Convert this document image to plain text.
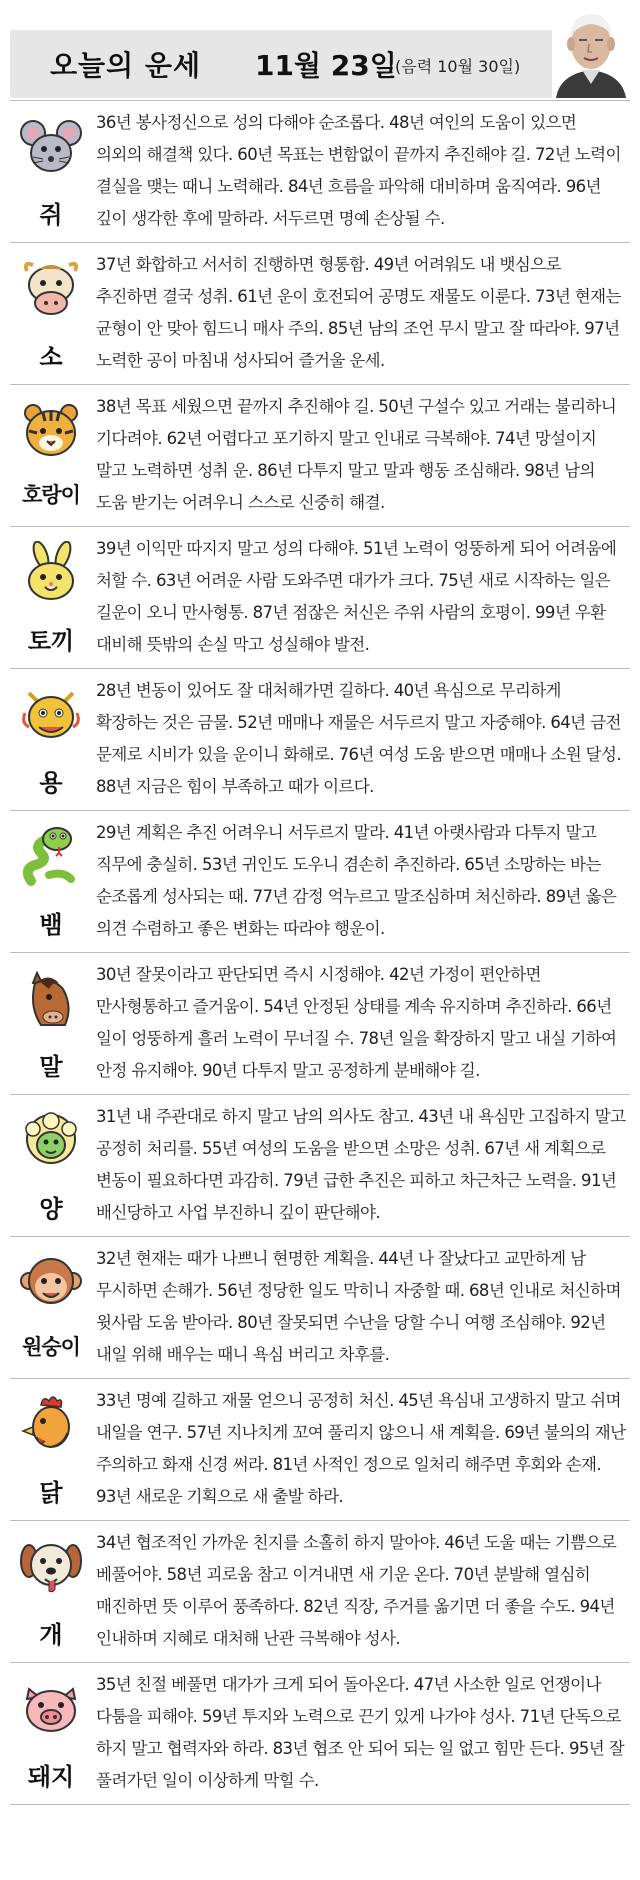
오늘의 운세 11월 23일
(음력 10월 30일)
쥐
36년 봉사정신으로 성의 다해야 순조롭다. 48년 여인의 도움이 있으면 의외의 해결책 있다. 60년 목표는 변함없이 끝까지 추진해야 길. 72년 노력이 결실을 맺는 때니 노력해라. 84년 흐름을 파악해 대비하며 움직여라. 96년 깊이 생각한 후에 말하라. 서두르면 명예 손상될 수.
소
37년 화합하고 서서히 진행하면 형통함. 49년 어려워도 내 뱃심으로 추진하면 결국 성취. 61년 운이 호전되어 공명도 재물도 이룬다. 73년 현재는 균형이 안 맞아 힘드니 매사 주의. 85년 남의 조언 무시 말고 잘 따라야. 97년 노력한 공이 마침내 성사되어 즐거울 운세.
호랑이
38년 목표 세웠으면 끝까지 추진해야 길. 50년 구설수 있고 거래는 불리하니 기다려야. 62년 어렵다고 포기하지 말고 인내로 극복해야. 74년 망설이지 말고 노력하면 성취 운. 86년 다투지 말고 말과 행동 조심해라. 98년 남의 도움 받기는 어려우니 스스로 신중히 해결.
토끼
39년 이익만 따지지 말고 성의 다해야. 51년 노력이 엉뚱하게 되어 어려움에 처할 수. 63년 어려운 사람 도와주면 대가가 크다. 75년 새로 시작하는 일은 길운이 오니 만사형통. 87년 점잖은 처신은 주위 사람의 호평이. 99년 우환 대비해 뜻밖의 손실 막고 성실해야 발전.
용
28년 변동이 있어도 잘 대처해가면 길하다. 40년 욕심으로 무리하게 확장하는 것은 금물. 52년 매매나 재물은 서두르지 말고 자중해야. 64년 금전 문제로 시비가 있을 운이니 화해로. 76년 여성 도움 받으면 매매나 소원 달성. 88년 지금은 힘이 부족하고 때가 이르다.
뱀
29년 계획은 추진 어려우니 서두르지 말라. 41년 아랫사람과 다투지 말고 직무에 충실히. 53년 귀인도 도우니 겸손히 추진하라. 65년 소망하는 바는 순조롭게 성사되는 때. 77년 감정 억누르고 말조심하며 처신하라. 89년 옳은 의견 수렴하고 좋은 변화는 따라야 행운이.
말
30년 잘못이라고 판단되면 즉시 시정해야. 42년 가정이 편안하면 만사형통하고 즐거움이. 54년 안정된 상태를 계속 유지하며 추진하라. 66년 일이 엉뚱하게 흘러 노력이 무너질 수. 78년 일을 확장하지 말고 내실 기하여 안정 유지해야. 90년 다투지 말고 공정하게 분배해야 길.
양
31년 내 주관대로 하지 말고 남의 의사도 참고. 43년 내 욕심만 고집하지 말고 공정히 처리를. 55년 여성의 도움을 받으면 소망은 성취. 67년 새 계획으로 변동이 필요하다면 과감히. 79년 급한 추진은 피하고 차근차근 노력을. 91년 배신당하고 사업 부진하니 깊이 판단해야.
원숭이
32년 현재는 때가 나쁘니 현명한 계획을. 44년 나 잘났다고 교만하게 남 무시하면 손해가. 56년 정당한 일도 막히니 자중할 때. 68년 인내로 처신하며 윗사람 도움 받아라. 80년 잘못되면 수난을 당할 수니 여행 조심해야. 92년 내일 위해 배우는 때니 욕심 버리고 차후를.
닭
33년 명예 길하고 재물 얻으니 공정히 처신. 45년 욕심내 고생하지 말고 쉬며 내일을 연구. 57년 지나치게 꼬여 풀리지 않으니 새 계획을. 69년 불의의 재난 주의하고 화재 신경 써라. 81년 사적인 정으로 일처리 해주면 후회와 손재. 93년 새로운 기획으로 새 출발 하라.
개
34년 협조적인 가까운 친지를 소홀히 하지 말아야. 46년 도울 때는 기쁨으로 베풀어야. 58년 괴로움 참고 이겨내면 새 기운 온다. 70년 분발해 열심히 매진하면 뜻 이루어 풍족하다. 82년 직장, 주거를 옮기면 더 좋을 수도. 94년 인내하며 지혜로 대처해 난관 극복해야 성사.
돼지
35년 친절 베풀면 대가가 크게 되어 돌아온다. 47년 사소한 일로 언쟁이나 다툼을 피해야. 59년 투지와 노력으로 끈기 있게 나가야 성사. 71년 단독으로 하지 말고 협력자와 하라. 83년 협조 안 되어 되는 일 없고 힘만 든다. 95년 잘 풀려가던 일이 이상하게 막힐 수.
